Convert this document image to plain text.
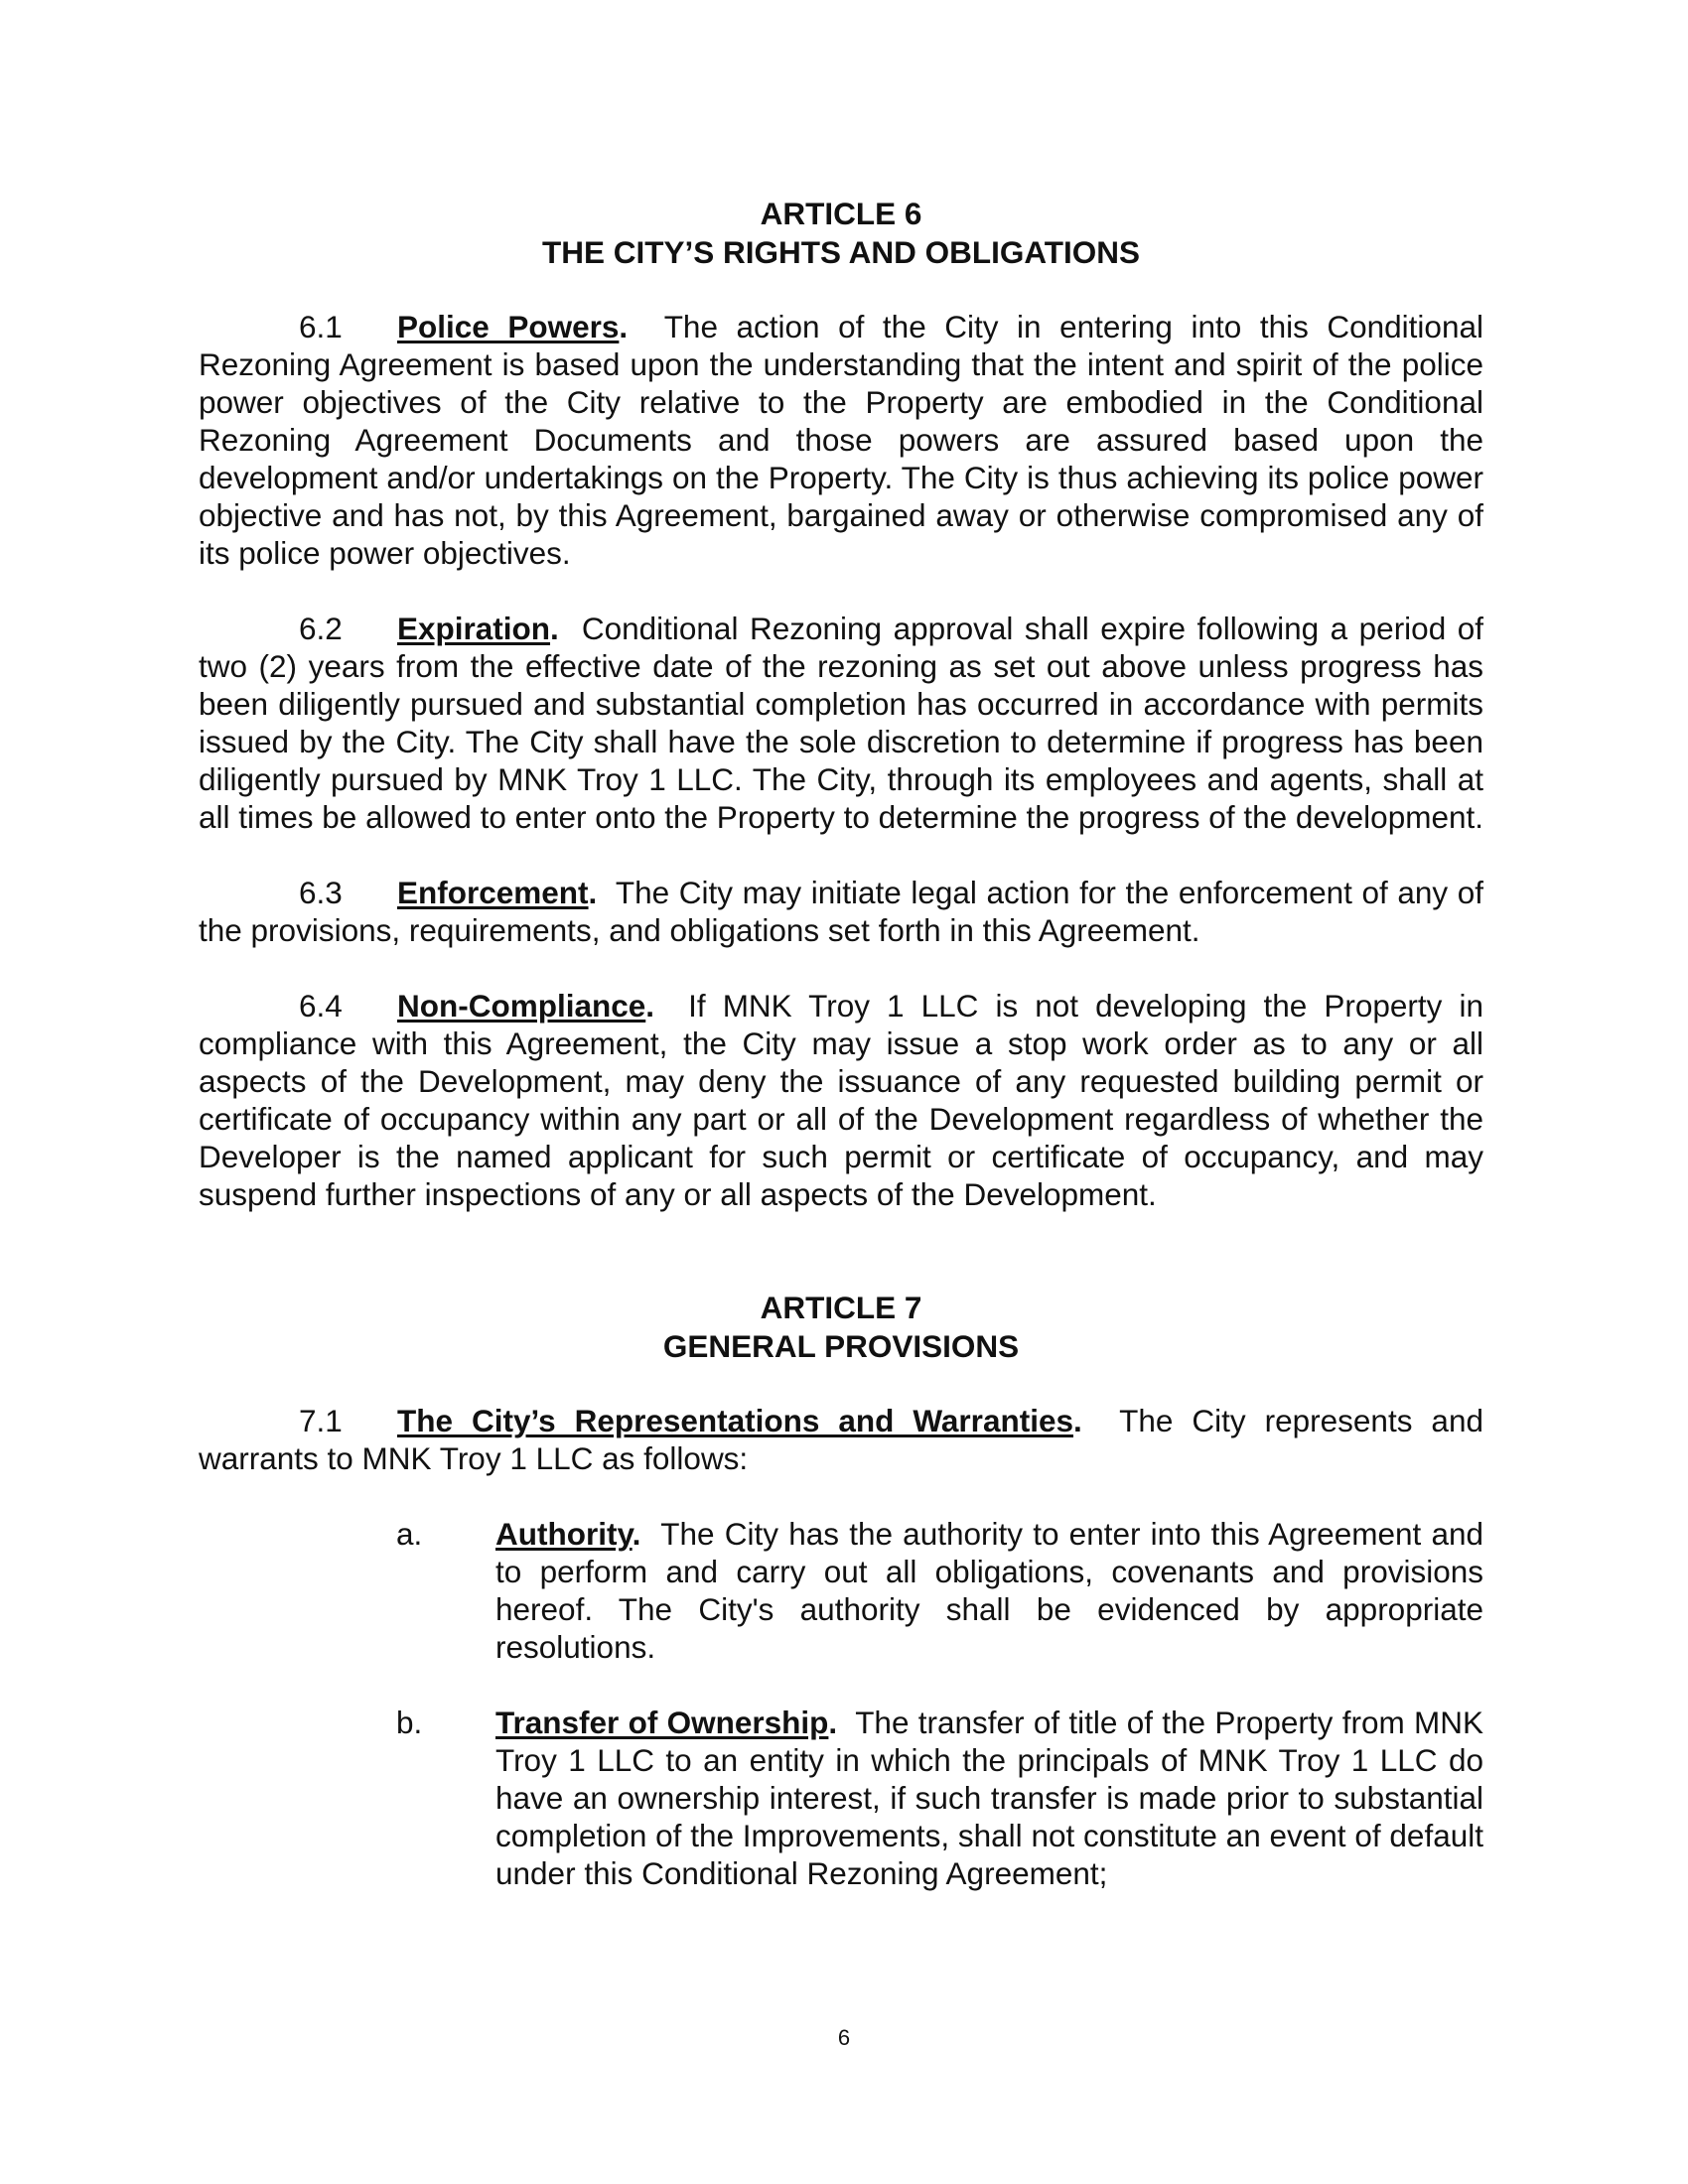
ARTICLE 6
THE CITY’S RIGHTS AND OBLIGATIONS

6.1 Police Powers. The action of the City in entering into this Conditional Rezoning Agreement is based upon the understanding that the intent and spirit of the police power objectives of the City relative to the Property are embodied in the Conditional Rezoning Agreement Documents and those powers are assured based upon the development and/or undertakings on the Property. The City is thus achieving its police power objective and has not, by this Agreement, bargained away or otherwise compromised any of its police power objectives.

6.2 Expiration. Conditional Rezoning approval shall expire following a period of two (2) years from the effective date of the rezoning as set out above unless progress has been diligently pursued and substantial completion has occurred in accordance with permits issued by the City. The City shall have the sole discretion to determine if progress has been diligently pursued by MNK Troy 1 LLC. The City, through its employees and agents, shall at all times be allowed to enter onto the Property to determine the progress of the development.

6.3 Enforcement. The City may initiate legal action for the enforcement of any of the provisions, requirements, and obligations set forth in this Agreement.

6.4 Non-Compliance. If MNK Troy 1 LLC is not developing the Property in compliance with this Agreement, the City may issue a stop work order as to any or all aspects of the Development, may deny the issuance of any requested building permit or certificate of occupancy within any part or all of the Development regardless of whether the Developer is the named applicant for such permit or certificate of occupancy, and may suspend further inspections of any or all aspects of the Development.

ARTICLE 7
GENERAL PROVISIONS

7.1 The City’s Representations and Warranties. The City represents and warrants to MNK Troy 1 LLC as follows:

a. Authority. The City has the authority to enter into this Agreement and to perform and carry out all obligations, covenants and provisions hereof. The City's authority shall be evidenced by appropriate resolutions.
b. Transfer of Ownership. The transfer of title of the Property from MNK Troy 1 LLC to an entity in which the principals of MNK Troy 1 LLC do have an ownership interest, if such transfer is made prior to substantial completion of the Improvements, shall not constitute an event of default under this Conditional Rezoning Agreement;
6
